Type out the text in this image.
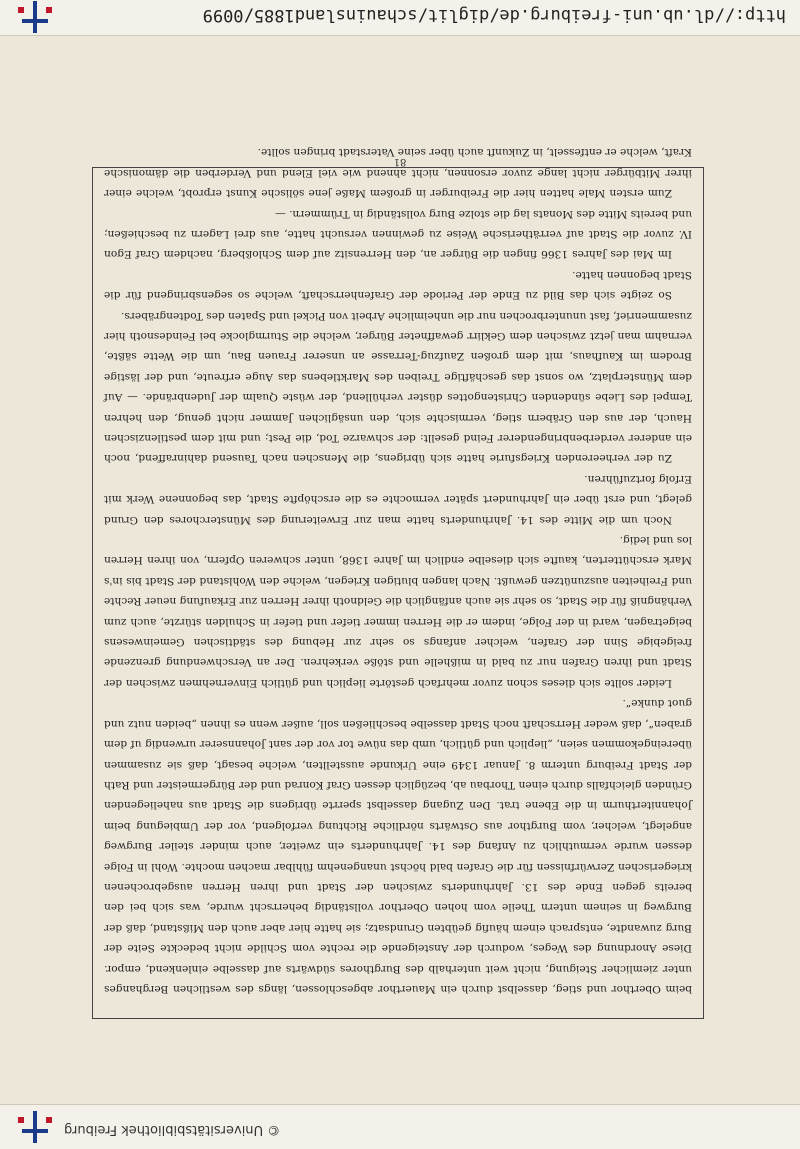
© Universitätsbibliothek Freiburg

beim Oberthor und stieg, dasselbst durch ein Mauerthor abgeschlossen, längs des westlichen Berghanges unter ziemlicher Steigung, nicht weit unterhalb des Burgthores südwärts auf dasselbe einlenkend, empor. Diese Anordnung des Weges, wodurch der Ansteigende die rechte vom Schilde nicht bedeckte Seite der Burg zuwandte, entsprach einem häufig geübten Grundsatz; sie hatte hier aber auch den Mißstand, daß der Burgweg in seinem untern Theile vom hohen Oberthor vollständig beherrscht wurde, was sich bei den bereits gegen Ende des 13. Jahrhunderts zwischen der Stadt und ihren Herren ausgebrochenen kriegerischen Zerwürfnissen für die Grafen bald höchst unangenehm fühlbar machen mochte. Wohl in Folge dessen wurde vermuthlich zu Anfang des 14. Jahrhunderts ein zweiter, auch minder steiler Burgweg angelegt, welcher, vom Burgthor aus Ostwärts nördliche Richtung verfolgend, vor der Umbiegung beim Johanniterthurm in die Ebene trat. Den Zugang dasselbst sperrte übrigens die Stadt aus naheliegenden Gründen gleichfalls durch einen Thorbau ab, bezüglich dessen Graf Konrad und der Bürgermeister und Rath der Stadt Freiburg unterm 8. Januar 1349 eine Urkunde ausstellten, welche besagt, daß sie zusammen übereingekommen seien, „lieplich und gütlich, umb das nüwe tor vor der sant Johannserer urwendig uf dem graben“, daß weder Herrschaft noch Stadt dasselbe beschließen soll, außer wenn es ihnen „beiden nutz und guot dunke“.

Leider sollte sich dieses schon zuvor mehrfach gestörte lieplich und gütlich Einvernehmen zwischen der Stadt und ihren Grafen nur zu bald in mißhelle und stöße verkehren. Der an Verschwendung grenzende freigebige Sinn der Grafen, welcher anfangs so sehr zur Hebung des städtischen Gemeinwesens beigetragen, ward in der Folge, indem er die Herren immer tiefer und tiefer in Schulden stürzte, auch zum Verhängniß für die Stadt, so sehr sie auch anfänglich die Geldnoth ihrer Herren zur Erkaufung neuer Rechte und Freiheiten auszunützen gewußt. Nach langen blutigen Kriegen, welche den Wohlstand der Stadt bis in's Mark erschütterten, kaufte sich dieselbe endlich im Jahre 1368, unter schweren Opfern, von ihren Herren los und ledig.

Noch um die Mitte des 14. Jahrhunderts hatte man zur Erweiterung des Münsterchores den Grund gelegt, und erst über ein Jahrhundert später vermochte es die erschöpfte Stadt, das begonnene Werk mit Erfolg fortzuführen.

Zu der verheerenden Kriegsfurie hatte sich übrigens, die Menschen nach Tausend dahinraffend, noch ein anderer verderbenbringenderer Feind gesellt: der schwarze Tod, die Pest; und mit dem pestilenzischen Hauch, der aus den Gräbern stieg, vermischte sich, den unsäglichen Jammer nicht genug, den hehren Tempel des Liebe sündenden Christengottes düster verhüllend, der wüste Qualm der Judenbrände. — Auf dem Münsterplatz, wo sonst das geschäftige Treiben des Marktlebens das Auge erfreute, und der lästige Brodem im Kaufhaus, mit dem großen Zaufzug-Terrasse an unserer Frauen Bau, um die Wette säßte, vernahm man jetzt zwischen dem Geklirr gewaffneter Bürger, welche die Sturmglocke bei Feindesnoth hier zusammenrief, fast ununterbrochen nur die unheimliche Arbeit von Pickel und Spaten des Todtengräbers.

So zeigte sich das Bild zu Ende der Periode der Grafenherrschaft, welche so segensbringend für die Stadt begonnen hatte.

Im Mai des Jahres 1366 fingen die Bürger an, den Herrensitz auf dem Schloßberg, nachdem Graf Egon IV. zuvor die Stadt auf verrätherische Weise zu gewinnen versucht hatte, aus drei Lagern zu beschießen; und bereits Mitte des Monats lag die stolze Burg vollständig in Trümmern. —

Zum ersten Male hatten hier die Freiburger in großem Maße jene sölische Kunst erprobt, welche einer ihrer Mitbürger nicht lange zuvor ersonnen, nicht ahnend wie viel Elend und Verderben die dämonische Kraft, welche er entfesselt, in Zukunft auch über seine Vaterstadt bringen sollte.

81
http://dl.ub.uni-freiburg.de/diglit/schauinsland1885/0099
